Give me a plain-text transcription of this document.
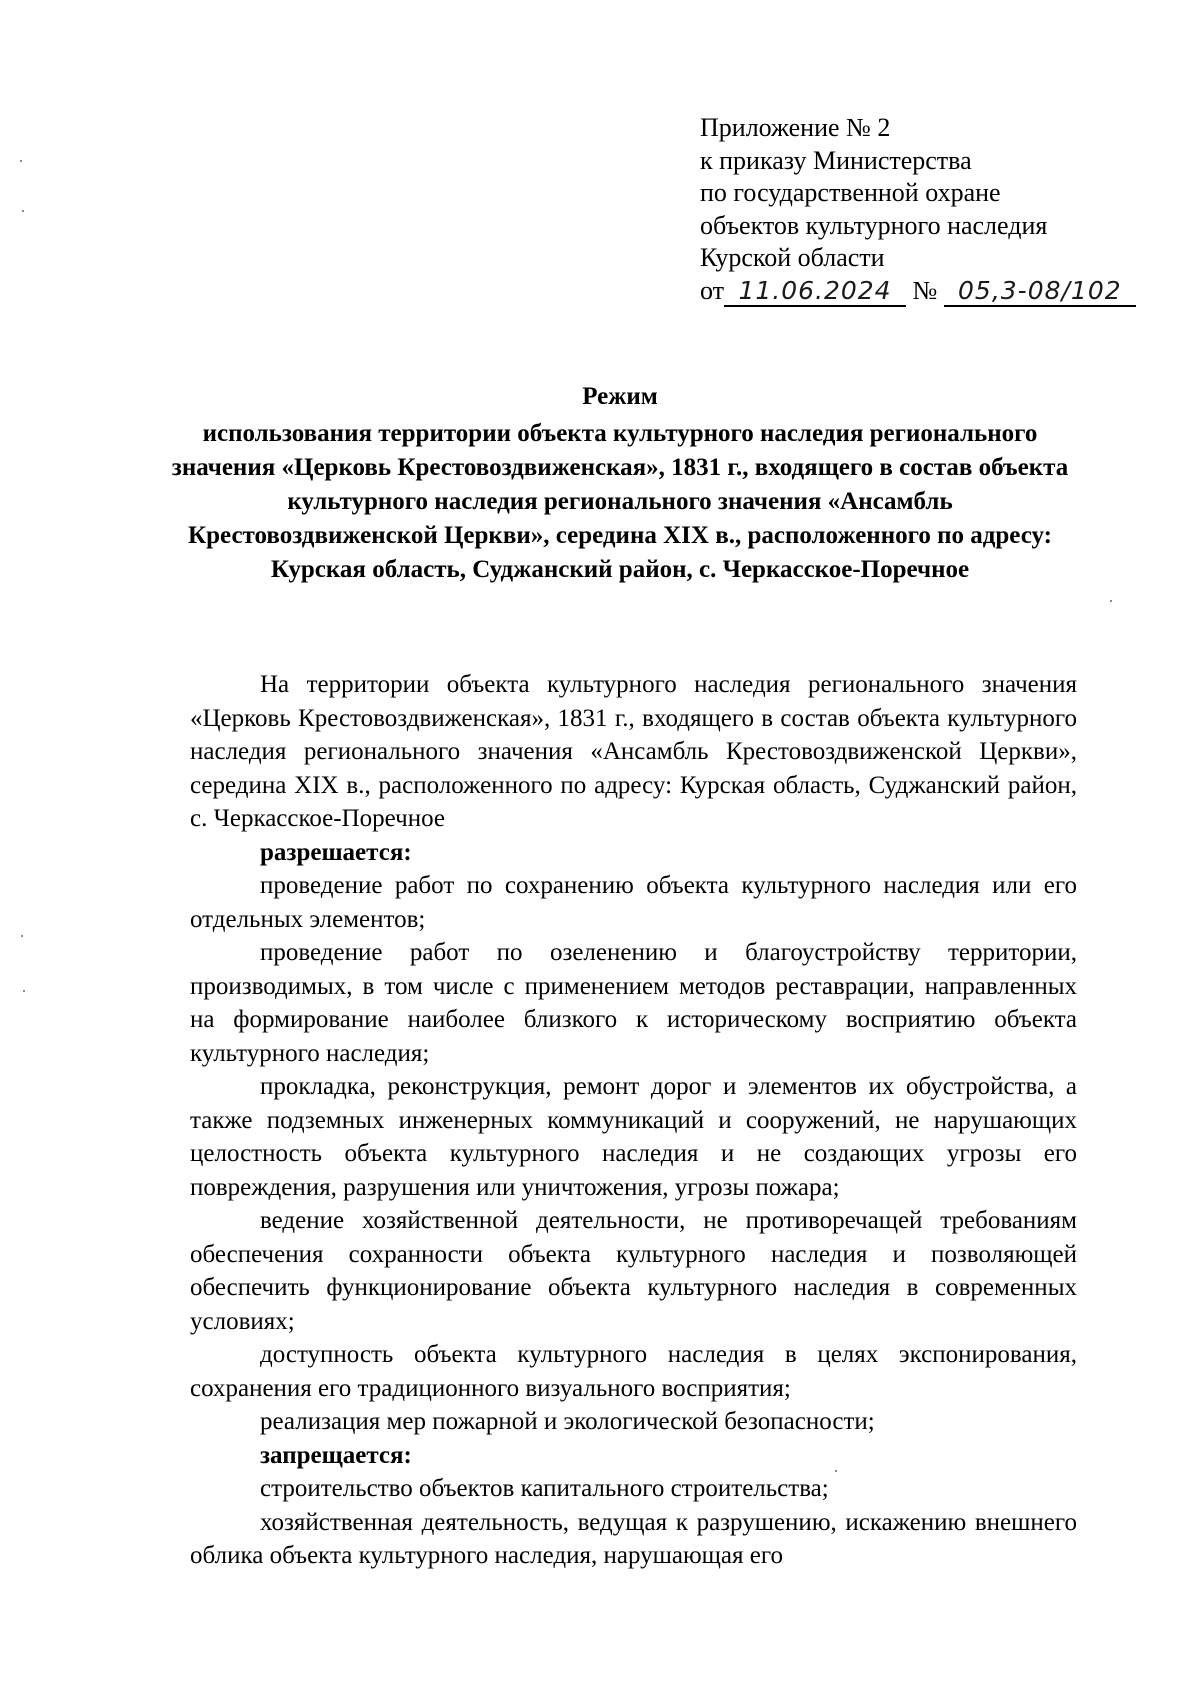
Приложение № 2
к приказу Министерства
по государственной охране
объектов культурного наследия
Курской области
от 11.06.2024 № 05,3-08/102
Режим
использования территории объекта культурного наследия регионального значения «Церковь Крестовоздвиженская», 1831 г., входящего в состав объекта культурного наследия регионального значения «Ансамбль Крестовоздвиженской Церкви», середина XIX в., расположенного по адресу: Курская область, Суджанский район, с. Черкасское-Поречное
На территории объекта культурного наследия регионального значения «Церковь Крестовоздвиженская», 1831 г., входящего в состав объекта культурного наследия регионального значения «Ансамбль Крестовоздвиженской Церкви», середина XIX в., расположенного по адресу: Курская область, Суджанский район, с. Черкасское-Поречное
разрешается:
проведение работ по сохранению объекта культурного наследия или его отдельных элементов;
проведение работ по озеленению и благоустройству территории, производимых, в том числе с применением методов реставрации, направленных на формирование наиболее близкого к историческому восприятию объекта культурного наследия;
прокладка, реконструкция, ремонт дорог и элементов их обустройства, а также подземных инженерных коммуникаций и сооружений, не нарушающих целостность объекта культурного наследия и не создающих угрозы его повреждения, разрушения или уничтожения, угрозы пожара;
ведение хозяйственной деятельности, не противоречащей требованиям обеспечения сохранности объекта культурного наследия и позволяющей обеспечить функционирование объекта культурного наследия в современных условиях;
доступность объекта культурного наследия в целях экспонирования, сохранения его традиционного визуального восприятия;
реализация мер пожарной и экологической безопасности;
запрещается:
строительство объектов капитального строительства;
хозяйственная деятельность, ведущая к разрушению, искажению внешнего облика объекта культурного наследия, нарушающая его
